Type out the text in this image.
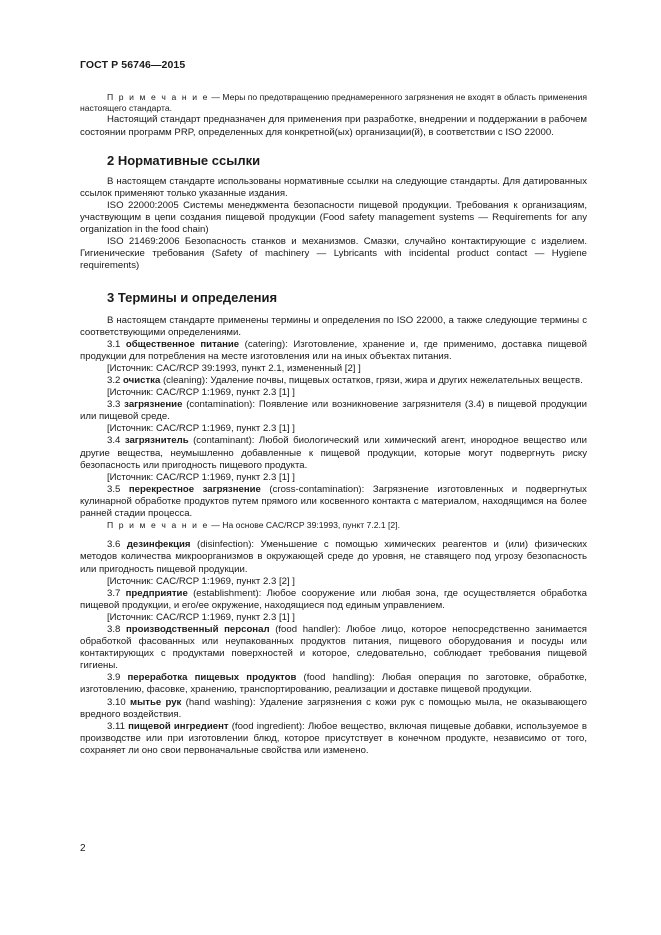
ГОСТ Р 56746—2015

П р и м е ч а н и е — Меры по предотвращению преднамеренного загрязнения не входят в область применения настоящего стандарта.

Настоящий стандарт предназначен для применения при разработке, внедрении и поддержании в рабочем состоянии программ PRP, определенных для конкретной(ых) организации(й), в соответствии с ISO 22000.

2 Нормативные ссылки

В настоящем стандарте использованы нормативные ссылки на следующие стандарты. Для датированных ссылок применяют только указанные издания.

ISO 22000:2005 Системы менеджмента безопасности пищевой продукции. Требования к организациям, участвующим в цепи создания пищевой продукции (Food safety management systems — Requirements for any organization in the food chain)

ISO 21469:2006 Безопасность станков и механизмов. Смазки, случайно контактирующие с изделием. Гигиенические требования (Safety of machinery — Lybricants with incidental product contact — Hygiene requirements)

3 Термины и определения

В настоящем стандарте применены термины и определения по ISO 22000, а также следующие термины с соответствующими определениями.

3.1 общественное питание (catering): Изготовление, хранение и, где применимо, доставка пищевой продукции для потребления на месте изготовления или на иных объектах питания.

[Источник: CAC/RCP 39:1993, пункт 2.1, измененный [2] ]

3.2 очистка (cleaning): Удаление почвы, пищевых остатков, грязи, жира и других нежелательных веществ.

[Источник: CAC/RCP 1:1969, пункт 2.3 [1] ]

3.3 загрязнение (contamination): Появление или возникновение загрязнителя (3.4) в пищевой продукции или пищевой среде.

[Источник: CAC/RCP 1:1969, пункт 2.3 [1] ]

3.4 загрязнитель (contaminant): Любой биологический или химический агент, инородное вещество или другие вещества, неумышленно добавленные к пищевой продукции, которые могут подвергнуть риску безопасность или пригодность пищевого продукта.

[Источник: CAC/RCP 1:1969, пункт 2.3 [1] ]

3.5 перекрестное загрязнение (cross-contamination): Загрязнение изготовленных и подвергнутых кулинарной обработке продуктов путем прямого или косвенного контакта с материалом, находящимся на более ранней стадии процесса.

П р и м е ч а н и е — На основе CAC/RCP 39:1993, пункт 7.2.1 [2].

3.6 дезинфекция (disinfection): Уменьшение с помощью химических реагентов и (или) физических методов количества микроорганизмов в окружающей среде до уровня, не ставящего под угрозу безопасность или пригодность пищевой продукции.

[Источник: CAC/RCP 1:1969, пункт 2.3 [2] ]

3.7 предприятие (establishment): Любое сооружение или любая зона, где осуществляется обработка пищевой продукции, и его/ее окружение, находящиеся под единым управлением.

[Источник: CAC/RCP 1:1969, пункт 2.3 [1] ]

3.8 производственный персонал (food handler): Любое лицо, которое непосредственно занимается обработкой фасованных или неупакованных продуктов питания, пищевого оборудования и посуды или контактирующих с продуктами поверхностей и которое, следовательно, соблюдает требования пищевой гигиены.

3.9 переработка пищевых продуктов (food handling): Любая операция по заготовке, обработке, изготовлению, фасовке, хранению, транспортированию, реализации и доставке пищевой продукции.

3.10 мытье рук (hand washing): Удаление загрязнения с кожи рук с помощью мыла, не оказывающего вредного воздействия.

3.11 пищевой ингредиент (food ingredient): Любое вещество, включая пищевые добавки, используемое в производстве или при изготовлении блюд, которое присутствует в конечном продукте, независимо от того, сохраняет ли оно свои первоначальные свойства или изменено.

2
